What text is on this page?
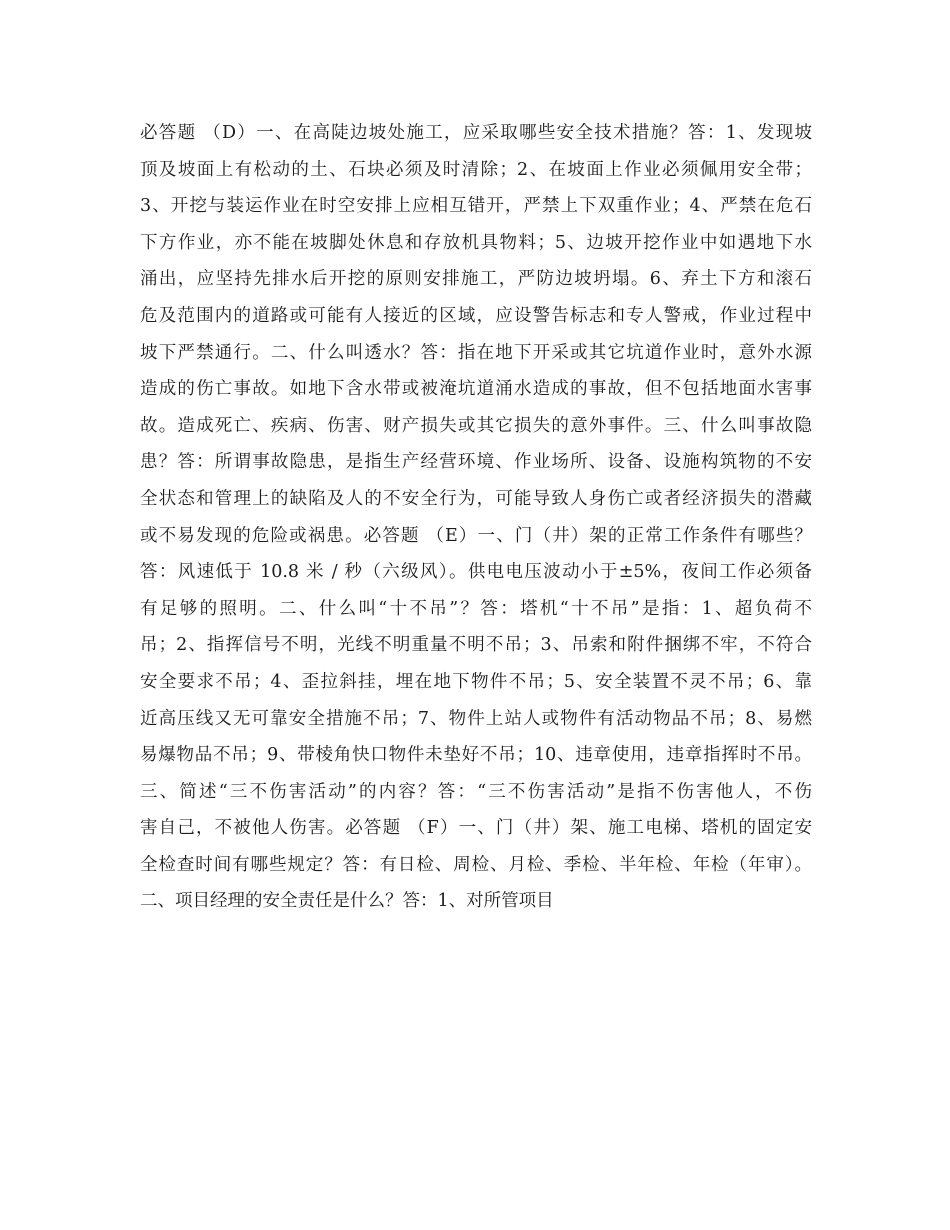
必答题 （D）一、在高陡边坡处施工，应采取哪些安全技术措施？答：1、发现坡
顶及坡面上有松动的土、石块必须及时清除；2、在坡面上作业必须佩用安全带；
3、开挖与装运作业在时空安排上应相互错开，严禁上下双重作业；4、严禁在危石
下方作业，亦不能在坡脚处休息和存放机具物料；5、边坡开挖作业中如遇地下水
涌出，应坚持先排水后开挖的原则安排施工，严防边坡坍塌。6、弃土下方和滚石
危及范围内的道路或可能有人接近的区域，应设警告标志和专人警戒，作业过程中
坡下严禁通行。二、什么叫透水？答：指在地下开采或其它坑道作业时，意外水源
造成的伤亡事故。如地下含水带或被淹坑道涌水造成的事故，但不包括地面水害事
故。造成死亡、疾病、伤害、财产损失或其它损失的意外事件。三、什么叫事故隐
患？答：所谓事故隐患，是指生产经营环境、作业场所、设备、设施构筑物的不安
全状态和管理上的缺陷及人的不安全行为，可能导致人身伤亡或者经济损失的潜藏
或不易发现的危险或祸患。必答题 （E）一、门（井）架的正常工作条件有哪些？
答：风速低于 10.8 米 / 秒（六级风）。供电电压波动小于±5%，夜间工作必须备
有足够的照明。二、什么叫“十不吊”？答：塔机“十不吊”是指：1、超负荷不
吊；2、指挥信号不明，光线不明重量不明不吊；3、吊索和附件捆绑不牢，不符合
安全要求不吊；4、歪拉斜挂，埋在地下物件不吊；5、安全装置不灵不吊；6、靠
近高压线又无可靠安全措施不吊；7、物件上站人或物件有活动物品不吊；8、易燃
易爆物品不吊；9、带棱角快口物件未垫好不吊；10、违章使用，违章指挥时不吊。
三、简述“三不伤害活动”的内容？答：“三不伤害活动”是指不伤害他人，不伤
害自己，不被他人伤害。必答题 （F）一、门（井）架、施工电梯、塔机的固定安
全检查时间有哪些规定？答：有日检、周检、月检、季检、半年检、年检（年审）。
二、项目经理的安全责任是什么？答：1、对所管项目
